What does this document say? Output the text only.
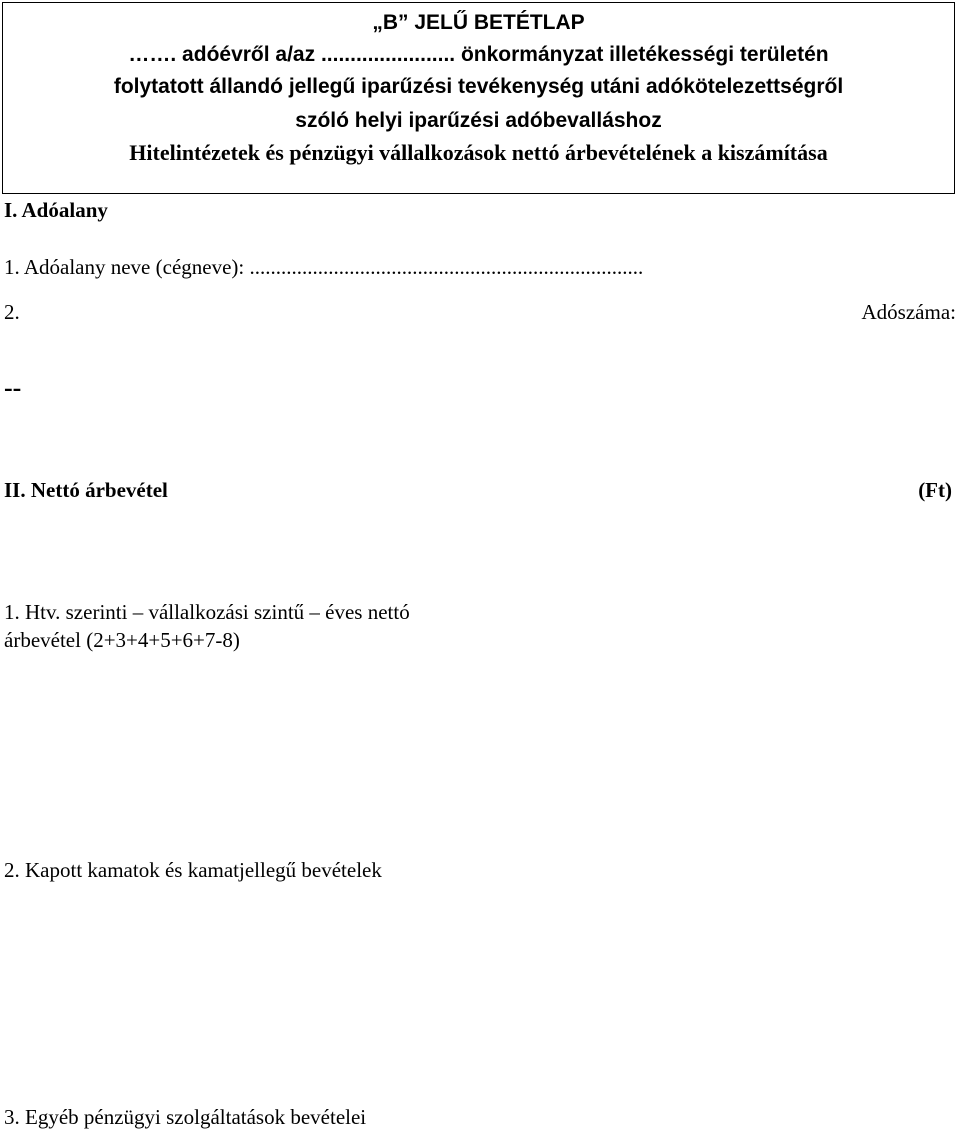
„B” JELŰ BETÉTLAP
……. adóévről a/az ....................... önkormányzat illetékességi területén
folytatott állandó jellegű iparűzési tevékenység utáni adókötelezettségről
szóló helyi iparűzési adóbevalláshoz
Hitelintézetek és pénzügyi vállalkozások nettó árbevételének a kiszámítása
I. Adóalany
1. Adóalany neve (cégneve): ...........................................................................
2.	Adószáma:
--
II. Nettó árbevétel	(Ft)
1. Htv. szerinti – vállalkozási szintű – éves nettó
árbevétel (2+3+4+5+6+7-8)
2. Kapott kamatok és kamatjellegű bevételek
3. Egyéb pénzügyi szolgáltatások bevételei
